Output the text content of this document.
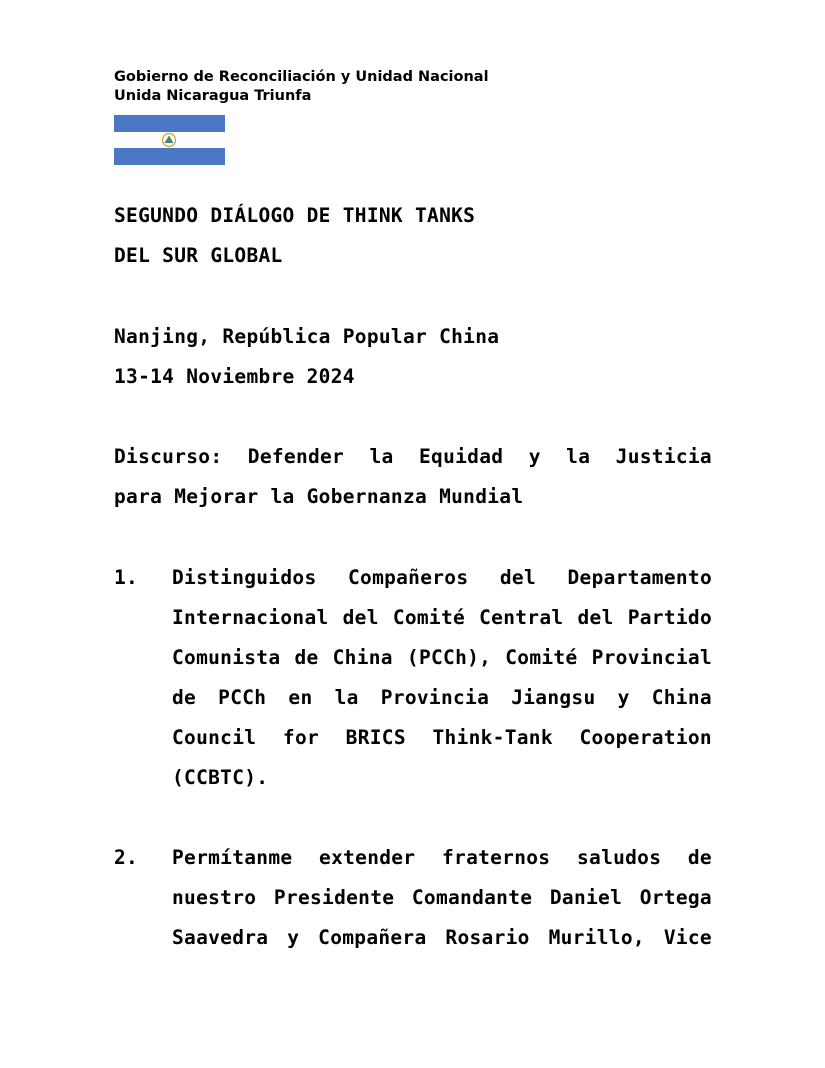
Gobierno de Reconciliación y Unidad Nacional
Unida Nicaragua Triunfa
SEGUNDO DIÁLOGO DE THINK TANKS
DEL SUR GLOBAL
Nanjing, República Popular China
13-14 Noviembre 2024
Discurso: Defender la Equidad y la Justicia
para Mejorar la Gobernanza Mundial
1. Distinguidos Compañeros del Departamento
Internacional del Comité Central del Partido
Comunista de China (PCCh), Comité Provincial
de PCCh en la Provincia Jiangsu y China
Council for BRICS Think-Tank Cooperation
(CCBTC).
2. Permítanme extender fraternos saludos de
nuestro Presidente Comandante Daniel Ortega
Saavedra y Compañera Rosario Murillo, Vice
